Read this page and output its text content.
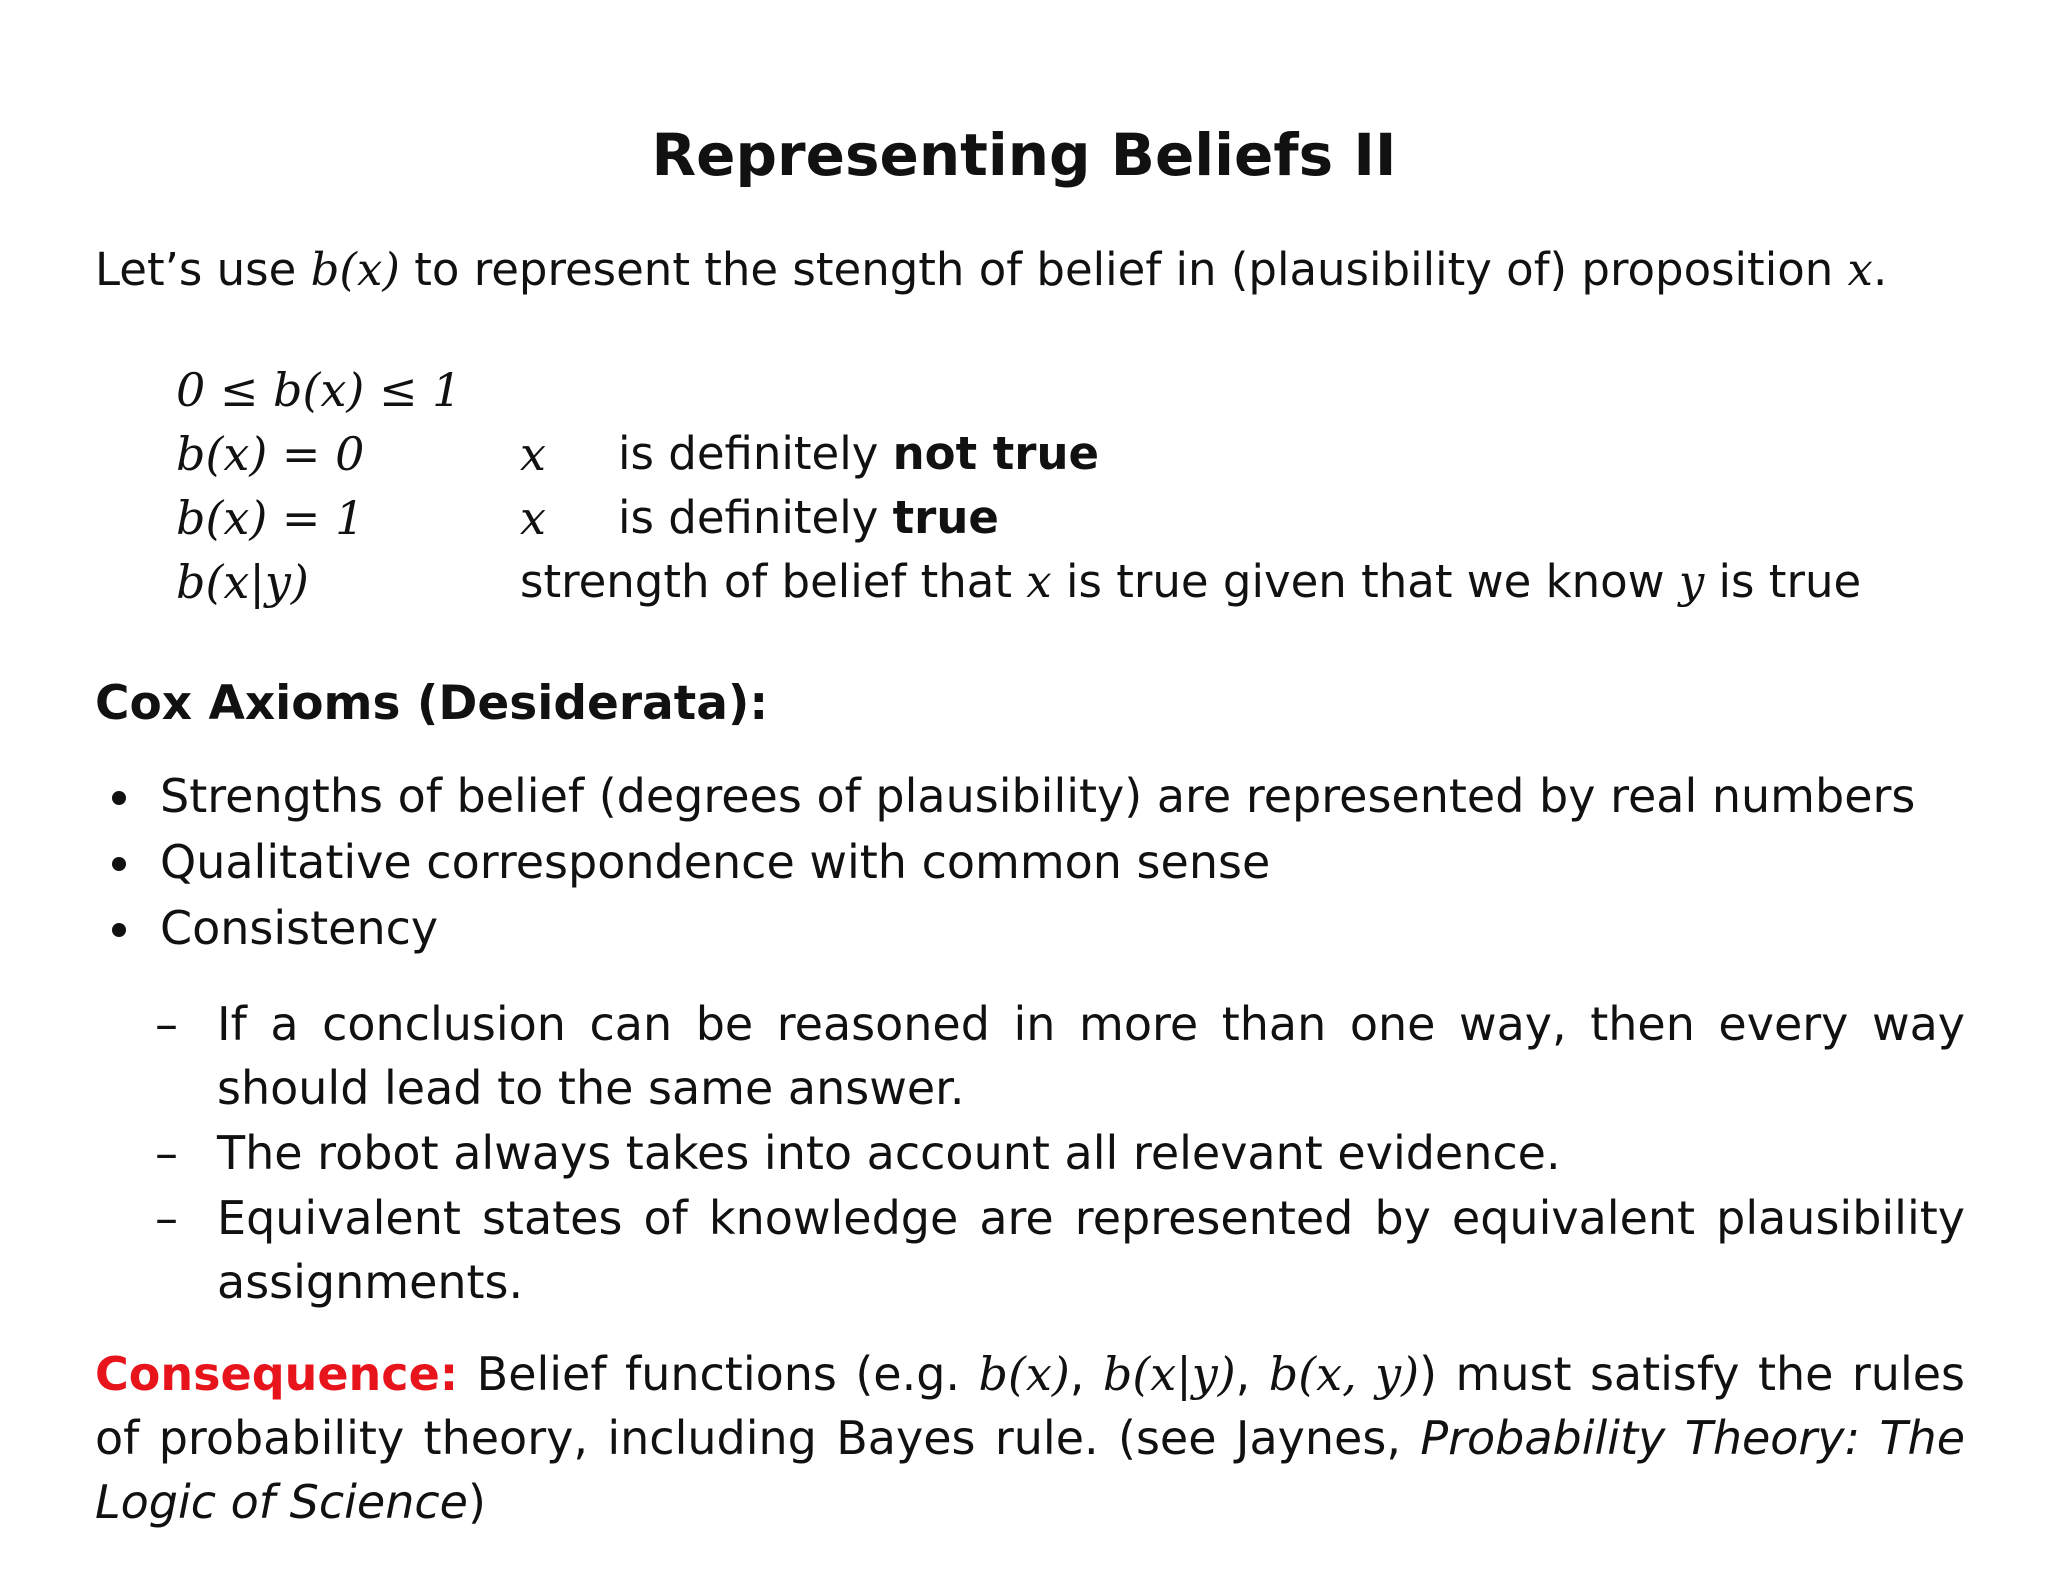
Representing Beliefs II
Let’s use b(x) to represent the stength of belief in (plausibility of) proposition x.
0 ≤ b(x) ≤ 1
b(x) = 0	x is definitely not true
b(x) = 1	x is definitely true
b(x|y)	strength of belief that x is true given that we know y is true
Cox Axioms (Desiderata):
Strengths of belief (degrees of plausibility) are represented by real numbers
Qualitative correspondence with common sense
Consistency
– If a conclusion can be reasoned in more than one way, then every way should lead to the same answer.
– The robot always takes into account all relevant evidence.
– Equivalent states of knowledge are represented by equivalent plausibility assignments.
Consequence: Belief functions (e.g. b(x), b(x|y), b(x, y)) must satisfy the rules of probability theory, including Bayes rule. (see Jaynes, Probability Theory: The Logic of Science)
